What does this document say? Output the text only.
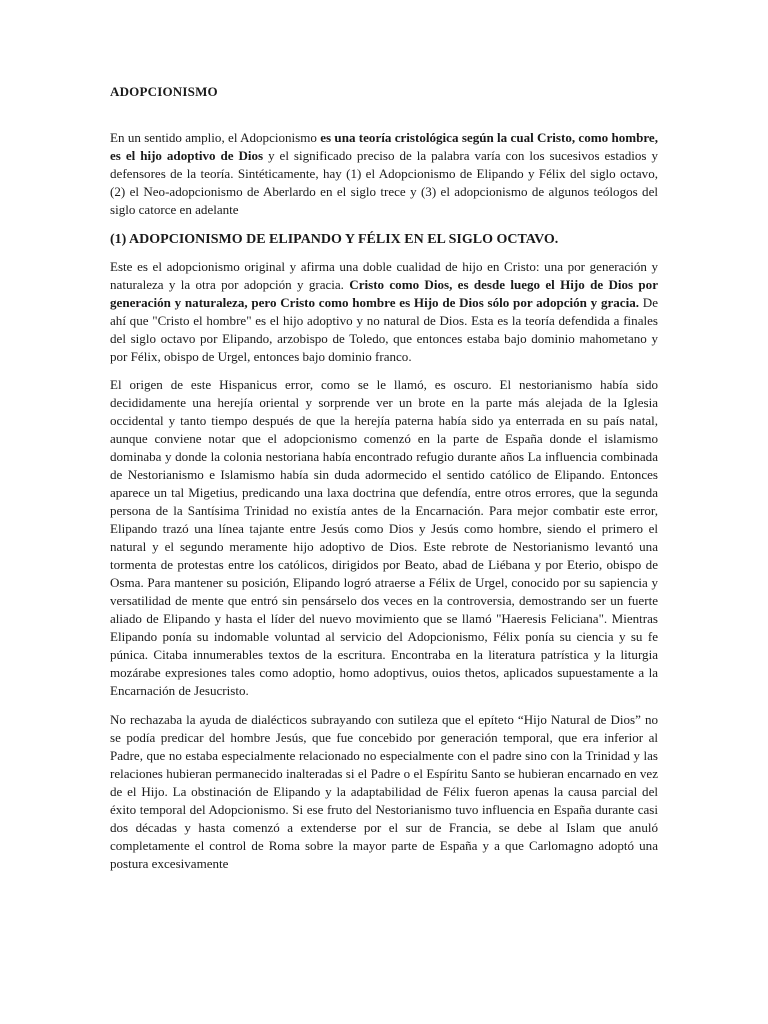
ADOPCIONISMO

En un sentido amplio, el Adopcionismo es una teoría cristológica según la cual Cristo, como hombre, es el hijo adoptivo de Dios y el significado preciso de la palabra varía con los sucesivos estadios y defensores de la teoría. Sintéticamente, hay (1) el Adopcionismo de Elipando y Félix del siglo octavo, (2) el Neo-adopcionismo de Aberlardo en el siglo trece y (3) el adopcionismo de algunos teólogos del siglo catorce en adelante

(1) ADOPCIONISMO DE ELIPANDO Y FÉLIX EN EL SIGLO OCTAVO.

Este es el adopcionismo original y afirma una doble cualidad de hijo en Cristo: una por generación y naturaleza y la otra por adopción y gracia. Cristo como Dios, es desde luego el Hijo de Dios por generación y naturaleza, pero Cristo como hombre es Hijo de Dios sólo por adopción y gracia. De ahí que "Cristo el hombre" es el hijo adoptivo y no natural de Dios. Esta es la teoría defendida a finales del siglo octavo por Elipando, arzobispo de Toledo, que entonces estaba bajo dominio mahometano y por Félix, obispo de Urgel, entonces bajo dominio franco.

El origen de este Hispanicus error, como se le llamó, es oscuro. El nestorianismo había sido decididamente una herejía oriental y sorprende ver un brote en la parte más alejada de la Iglesia occidental y tanto tiempo después de que la herejía paterna había sido ya enterrada en su país natal, aunque conviene notar que el adopcionismo comenzó en la parte de España donde el islamismo dominaba y donde la colonia nestoriana había encontrado refugio durante años La influencia combinada de Nestorianismo e Islamismo había sin duda adormecido el sentido católico de Elipando. Entonces aparece un tal Migetius, predicando una laxa doctrina que defendía, entre otros errores, que la segunda persona de la Santísima Trinidad no existía antes de la Encarnación. Para mejor combatir este error, Elipando trazó una línea tajante entre Jesús como Dios y Jesús como hombre, siendo el primero el natural y el segundo meramente hijo adoptivo de Dios. Este rebrote de Nestorianismo levantó una tormenta de protestas entre los católicos, dirigidos por Beato, abad de Liébana y por Eterio, obispo de Osma. Para mantener su posición, Elipando logró atraerse a Félix de Urgel, conocido por su sapiencia y versatilidad de mente que entró sin pensárselo dos veces en la controversia, demostrando ser un fuerte aliado de Elipando y hasta el líder del nuevo movimiento que se llamó "Haeresis Feliciana". Mientras Elipando ponía su indomable voluntad al servicio del Adopcionismo, Félix ponía su ciencia y su fe púnica. Citaba innumerables textos de la escritura. Encontraba en la literatura patrística y la liturgia mozárabe expresiones tales como adoptio, homo adoptivus, ouios thetos, aplicados supuestamente a la Encarnación de Jesucristo.

No rechazaba la ayuda de dialécticos subrayando con sutileza que el epíteto “Hijo Natural de Dios” no se podía predicar del hombre Jesús, que fue concebido por generación temporal, que era inferior al Padre, que no estaba especialmente relacionado no especialmente con el padre sino con la Trinidad y las relaciones hubieran permanecido inalteradas si el Padre o el Espíritu Santo se hubieran encarnado en vez de el Hijo. La obstinación de Elipando y la adaptabilidad de Félix fueron apenas la causa parcial del éxito temporal del Adopcionismo. Si ese fruto del Nestorianismo tuvo influencia en España durante casi dos décadas y hasta comenzó a extenderse por el sur de Francia, se debe al Islam que anuló completamente el control de Roma sobre la mayor parte de España y a que Carlomagno adoptó una postura excesivamente
